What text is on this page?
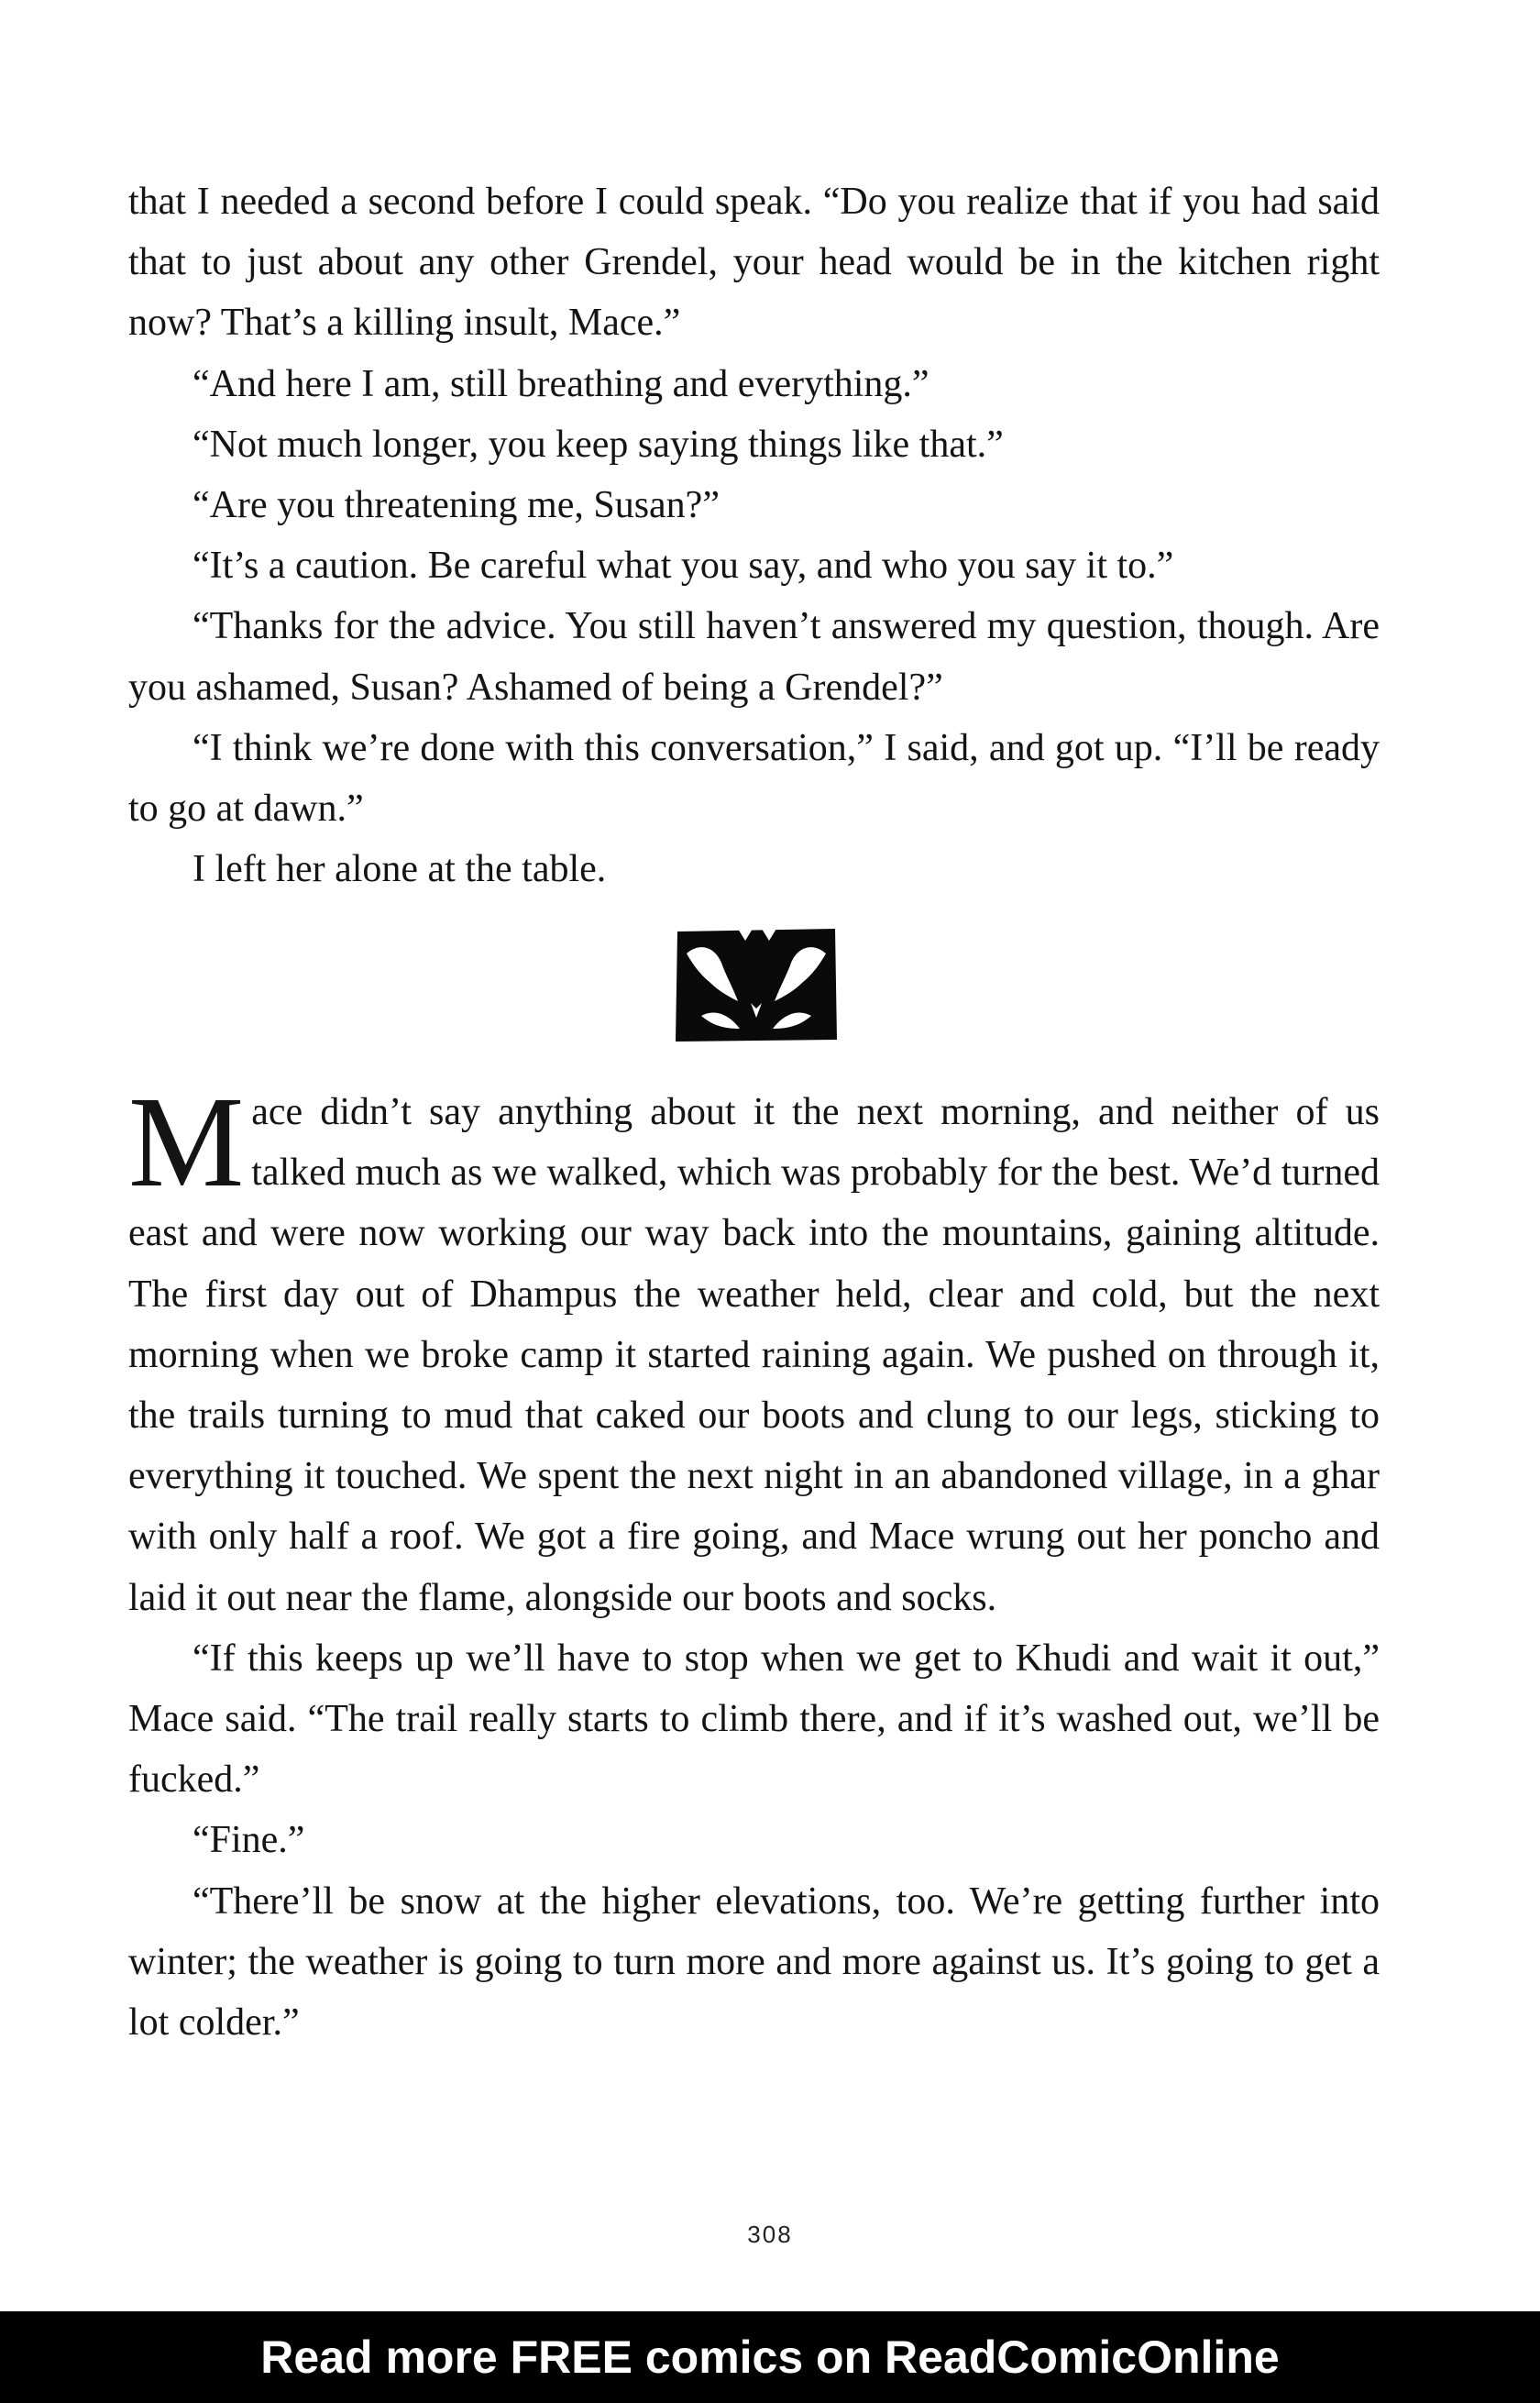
that I needed a second before I could speak. “Do you realize that if you had said that to just about any other Grendel, your head would be in the kitchen right now? That’s a killing insult, Mace.”

“And here I am, still breathing and everything.”

“Not much longer, you keep saying things like that.”

“Are you threatening me, Susan?”

“It’s a caution. Be careful what you say, and who you say it to.”

“Thanks for the advice. You still haven’t answered my question, though. Are you ashamed, Susan? Ashamed of being a Grendel?”

“I think we’re done with this conversation,” I said, and got up. “I’ll be ready to go at dawn.”

I left her alone at the table.

Mace didn’t say anything about it the next morning, and neither of us talked much as we walked, which was probably for the best. We’d turned east and were now working our way back into the mountains, gaining altitude. The first day out of Dhampus the weather held, clear and cold, but the next morning when we broke camp it started raining again. We pushed on through it, the trails turning to mud that caked our boots and clung to our legs, sticking to everything it touched. We spent the next night in an abandoned village, in a ghar with only half a roof. We got a fire going, and Mace wrung out her poncho and laid it out near the flame, alongside our boots and socks.

“If this keeps up we’ll have to stop when we get to Khudi and wait it out,” Mace said. “The trail really starts to climb there, and if it’s washed out, we’ll be fucked.”

“Fine.”

“There’ll be snow at the higher elevations, too. We’re getting further into winter; the weather is going to turn more and more against us. It’s going to get a lot colder.”

308
Read more FREE comics on ReadComicOnline
